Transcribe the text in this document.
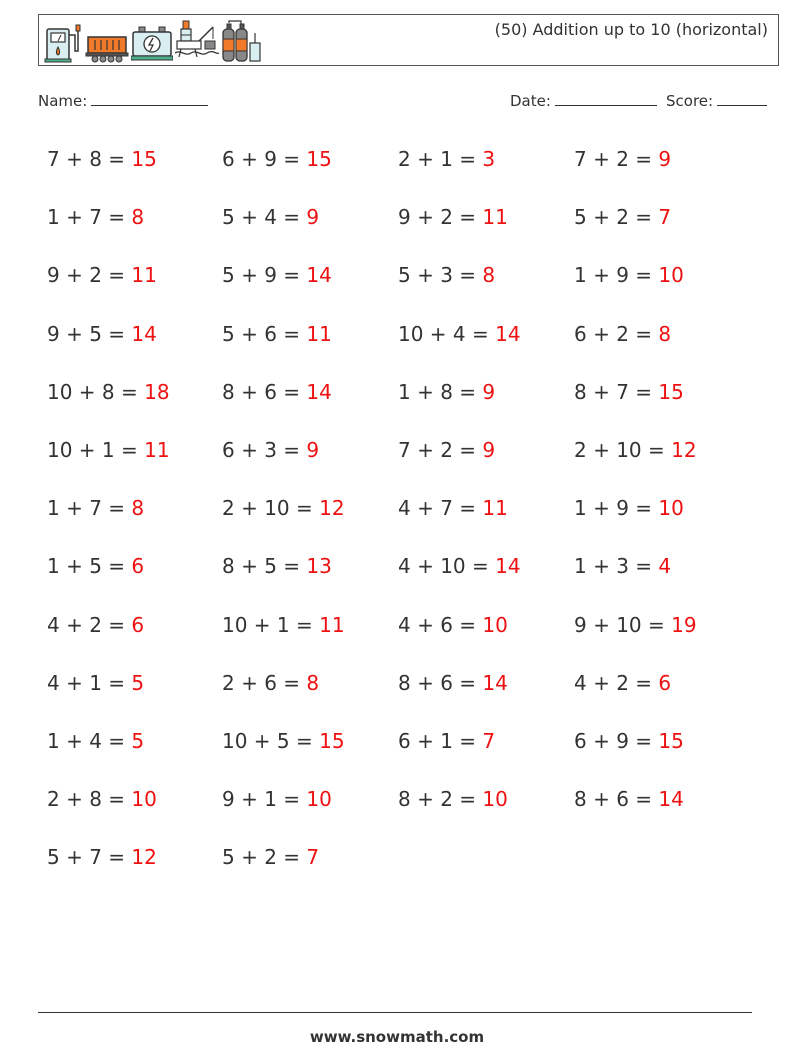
(50) Addition up to 10 (horizontal)
Name:	Date:	Score:
7 + 8 = 15	6 + 9 = 15	2 + 1 = 3	7 + 2 = 9
1 + 7 = 8	5 + 4 = 9	9 + 2 = 11	5 + 2 = 7
9 + 2 = 11	5 + 9 = 14	5 + 3 = 8	1 + 9 = 10
9 + 5 = 14	5 + 6 = 11	10 + 4 = 14	6 + 2 = 8
10 + 8 = 18	8 + 6 = 14	1 + 8 = 9	8 + 7 = 15
10 + 1 = 11	6 + 3 = 9	7 + 2 = 9	2 + 10 = 12
1 + 7 = 8	2 + 10 = 12	4 + 7 = 11	1 + 9 = 10
1 + 5 = 6	8 + 5 = 13	4 + 10 = 14	1 + 3 = 4
4 + 2 = 6	10 + 1 = 11	4 + 6 = 10	9 + 10 = 19
4 + 1 = 5	2 + 6 = 8	8 + 6 = 14	4 + 2 = 6
1 + 4 = 5	10 + 5 = 15	6 + 1 = 7	6 + 9 = 15
2 + 8 = 10	9 + 1 = 10	8 + 2 = 10	8 + 6 = 14
5 + 7 = 12	5 + 2 = 7
www.snowmath.com
